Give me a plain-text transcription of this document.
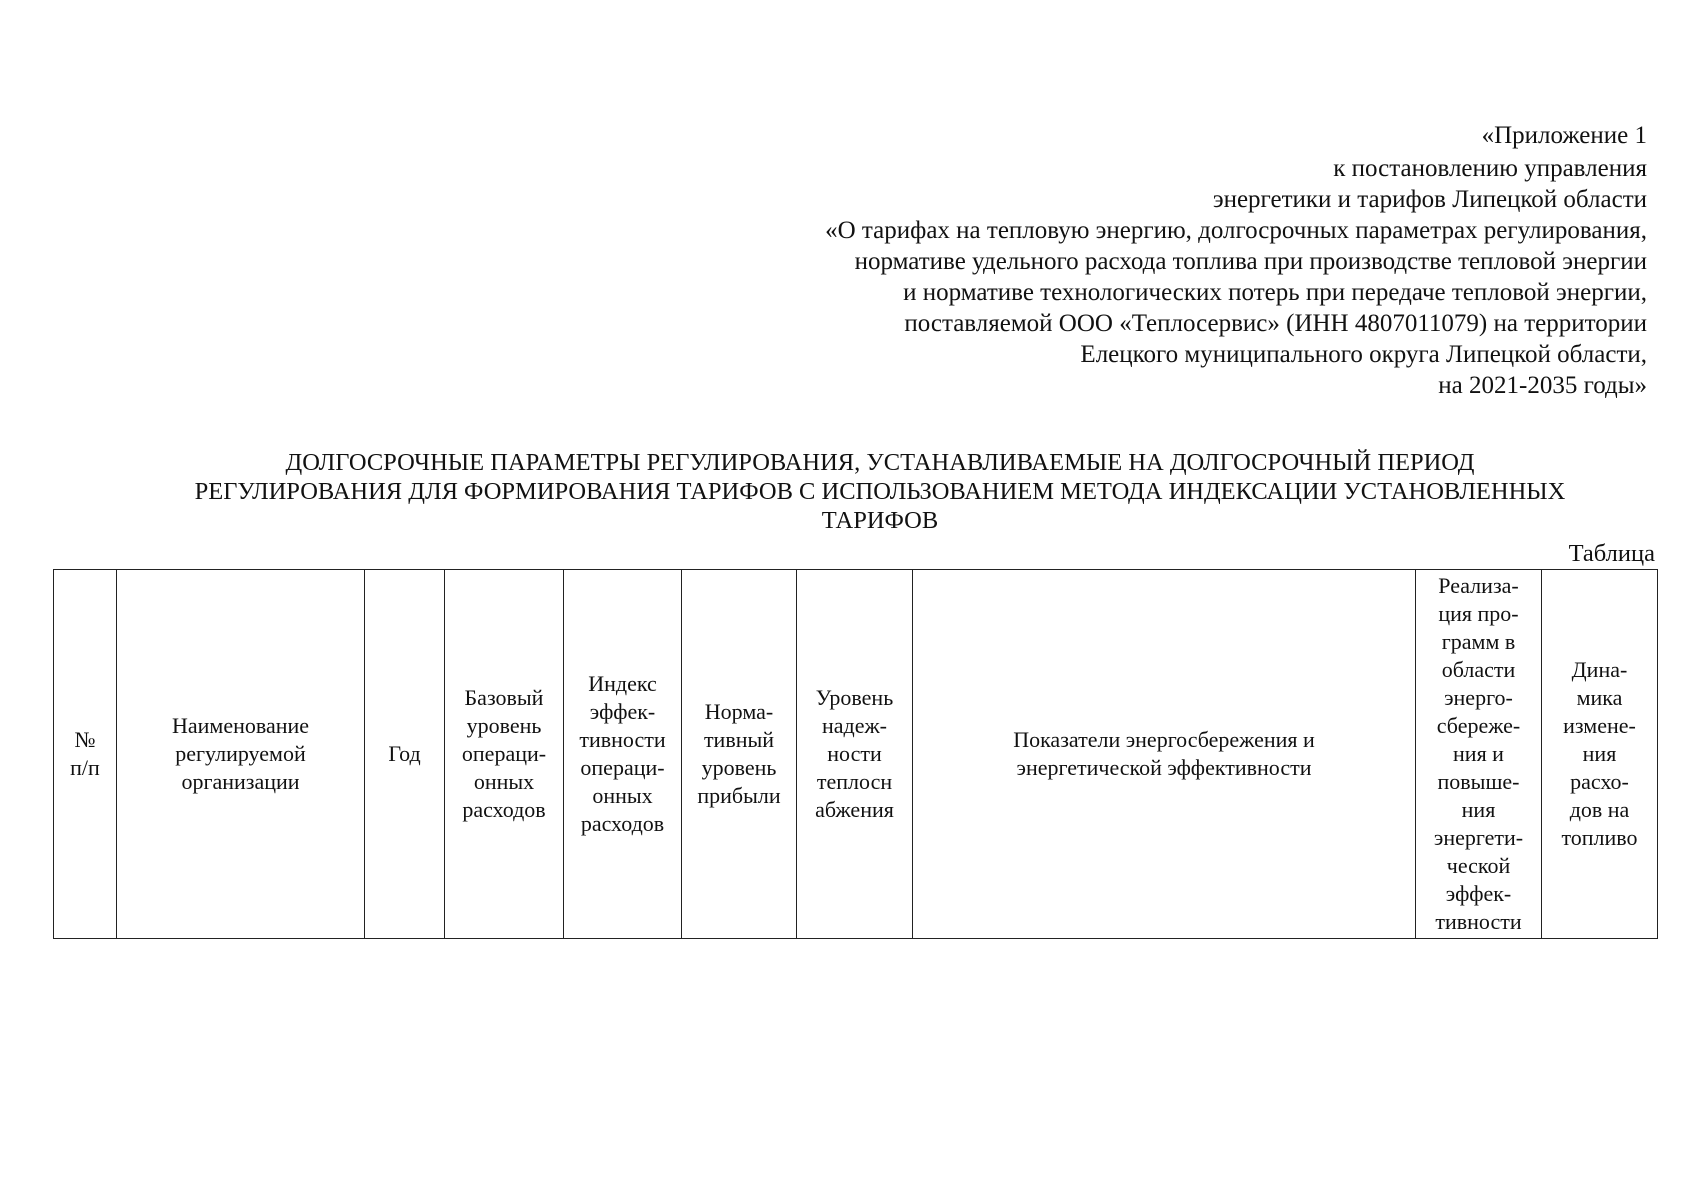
«Приложение 1
к постановлению управления
энергетики и тарифов Липецкой области
«О тарифах на тепловую энергию, долгосрочных параметрах регулирования,
нормативе удельного расхода топлива при производстве тепловой энергии
и нормативе технологических потерь при передаче тепловой энергии,
поставляемой ООО «Теплосервис» (ИНН 4807011079) на территории
Елецкого муниципального округа Липецкой области,
на 2021-2035 годы»
ДОЛГОСРОЧНЫЕ ПАРАМЕТРЫ РЕГУЛИРОВАНИЯ, УСТАНАВЛИВАЕМЫЕ НА ДОЛГОСРОЧНЫЙ ПЕРИОД
РЕГУЛИРОВАНИЯ ДЛЯ ФОРМИРОВАНИЯ ТАРИФОВ С ИСПОЛЬЗОВАНИЕМ МЕТОДА ИНДЕКСАЦИИ УСТАНОВЛЕННЫХ
ТАРИФОВ
Таблица
№
п/п

Наименование
регулируемой
организации

Год

Базовый
уровень
операци-
онных
расходов

Индекс
эффек-
тивности
операци-
онных
расходов

Норма-
тивный
уровень
прибыли

Уровень
надеж-
ности
теплосн
абжения

Показатели энергосбережения и
энергетической эффективности

Реализа-
ция про-
грамм в
области
энерго-
сбереже-
ния и
повыше-
ния
энергети-
ческой
эффек-
тивности

Дина-
мика
измене-
ния
расхо-
дов на
топливо
